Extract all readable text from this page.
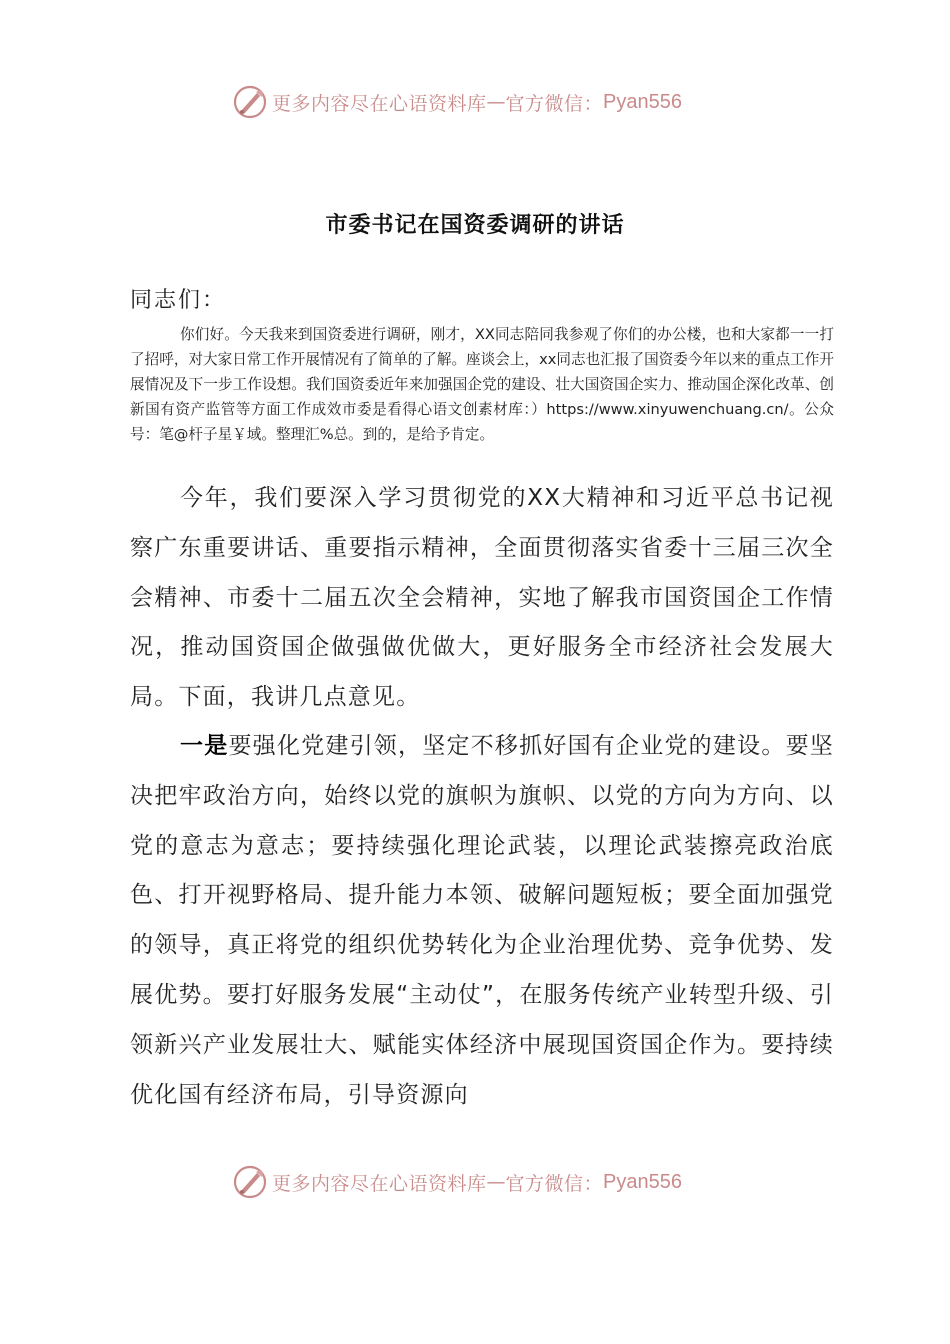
更多内容尽在心语资料库 — 官方微信： Pyan556
市委书记在国资委调研的讲话
同志们：

你们好。今天我来到国资委进行调研，刚才，XX同志陪同我参观了你们的办公楼，也和大家都一一打了招呼，对大家日常工作开展情况有了简单的了解。座谈会上，xx同志也汇报了国资委今年以来的重点工作开展情况及下一步工作设想。我们国资委近年来加强国企党的建设、壮大国资国企实力、推动国企深化改革、创新国有资产监管等方面工作成效市委是看得心语文创素材库：）https://www.xinyuwenchuang.cn/。公众号：笔@杆子星￥域。整理汇%总。到的，是给予肯定。

今年，我们要深入学习贯彻党的XX大精神和习近平总书记视察广东重要讲话、重要指示精神，全面贯彻落实省委十三届三次全会精神、市委十二届五次全会精神，实地了解我市国资国企工作情况，推动国资国企做强做优做大，更好服务全市经济社会发展大局。下面，我讲几点意见。

一是要强化党建引领，坚定不移抓好国有企业党的建设。要坚决把牢政治方向，始终以党的旗帜为旗帜、以党的方向为方向、以党的意志为意志；要持续强化理论武装，以理论武装擦亮政治底色、打开视野格局、提升能力本领、破解问题短板；要全面加强党的领导，真正将党的组织优势转化为企业治理优势、竞争优势、发展优势。要打好服务发展“主动仗”，在服务传统产业转型升级、引领新兴产业发展壮大、赋能实体经济中展现国资国企作为。要持续优化国有经济布局，引导资源向

更多内容尽在心语资料库 — 官方微信： Pyan556
